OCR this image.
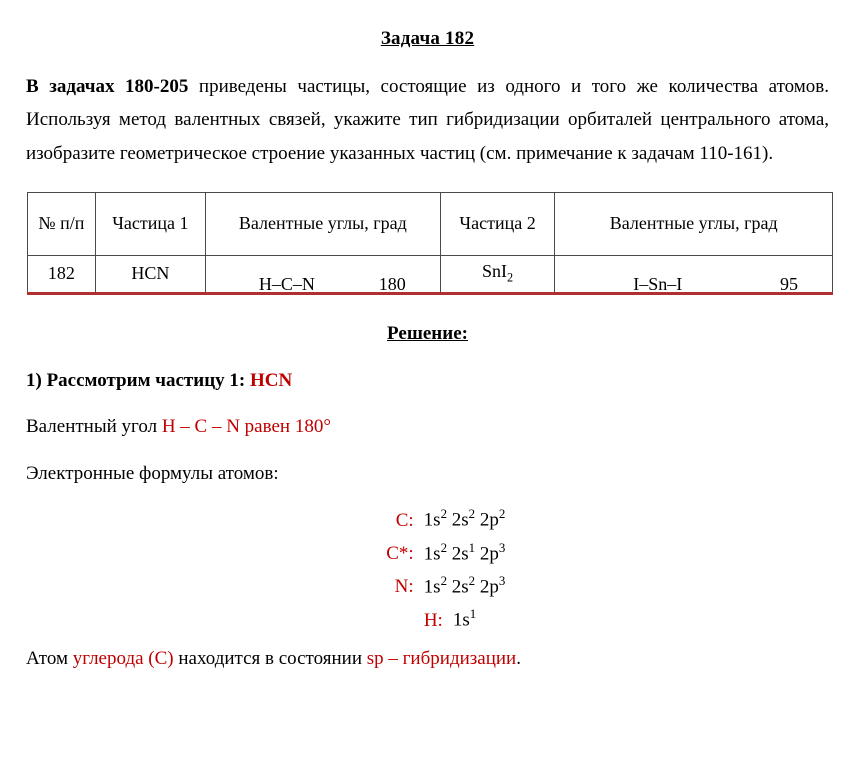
Задача 182

В задачах 180-205 приведены частицы, состоящие из одного и того же количества атомов. Используя метод валентных связей, укажите тип гибридизации орбиталей центрального атома, изобразите геометрическое строение указанных частиц (см. примечание к задачам 110-161).

№ п/п	Частица 1	Валентные углы, град	Частица 2	Валентные углы, град
182	HCN	H–C–N 180	SnI$_2$	I–Sn–I 95
Решение:

1) Рассмотрим частицу 1: HCN

Валентный угол H – C – N равен 180°

Электронные формулы атомов:

C: $1s^2$ $2s^2$ $2p^2$
C*: $1s^2$ $2s^1$ $2p^3$
N: $1s^2$ $2s^2$ $2p^3$
H: $1s^1$

Атом углерода (C) находится в состоянии sp – гибридизации.
